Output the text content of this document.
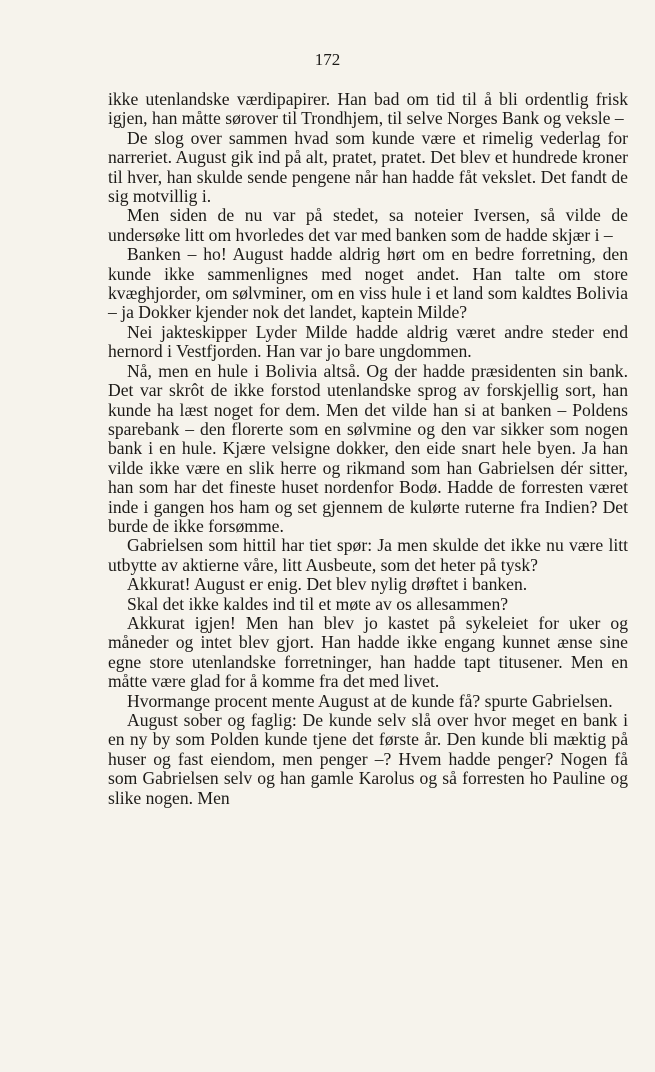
172

ikke utenlandske værdipapirer. Han bad om tid til å bli ordentlig frisk igjen, han måtte sørover til Trondhjem, til selve Norges Bank og veksle –

De slog over sammen hvad som kunde være et rimelig vederlag for narreriet. August gik ind på alt, pratet, pratet. Det blev et hundrede kroner til hver, han skulde sende pengene når han hadde fåt vekslet. Det fandt de sig motvillig i.

Men siden de nu var på stedet, sa noteier Iversen, så vilde de undersøke litt om hvorledes det var med banken som de hadde skjær i –

Banken – ho! August hadde aldrig hørt om en bedre forretning, den kunde ikke sammenlignes med noget andet. Han talte om store kvæghjorder, om sølvminer, om en viss hule i et land som kaldtes Bolivia – ja Dokker kjender nok det landet, kaptein Milde?

Nei jakteskipper Lyder Milde hadde aldrig været andre steder end hernord i Vestfjorden. Han var jo bare ungdommen.

Nå, men en hule i Bolivia altså. Og der hadde præsidenten sin bank. Det var skrôt de ikke forstod utenlandske sprog av forskjellig sort, han kunde ha læst noget for dem. Men det vilde han si at banken – Poldens sparebank – den florerte som en sølvmine og den var sikker som nogen bank i en hule. Kjære velsigne dokker, den eide snart hele byen. Ja han vilde ikke være en slik herre og rikmand som han Gabrielsen dér sitter, han som har det fineste huset nordenfor Bodø. Hadde de forresten været inde i gangen hos ham og set gjennem de kulørte ruterne fra Indien? Det burde de ikke forsømme.

Gabrielsen som hittil har tiet spør: Ja men skulde det ikke nu være litt utbytte av aktierne våre, litt Ausbeute, som det heter på tysk?

Akkurat! August er enig. Det blev nylig drøftet i banken.

Skal det ikke kaldes ind til et møte av os allesammen?

Akkurat igjen! Men han blev jo kastet på sykeleiet for uker og måneder og intet blev gjort. Han hadde ikke engang kunnet ænse sine egne store utenlandske forretninger, han hadde tapt titusener. Men en måtte være glad for å komme fra det med livet.

Hvormange procent mente August at de kunde få? spurte Gabrielsen.

August sober og faglig: De kunde selv slå over hvor meget en bank i en ny by som Polden kunde tjene det første år. Den kunde bli mæktig på huser og fast eiendom, men penger –? Hvem hadde penger? Nogen få som Gabrielsen selv og han gamle Karolus og så forresten ho Pauline og slike nogen. Men
